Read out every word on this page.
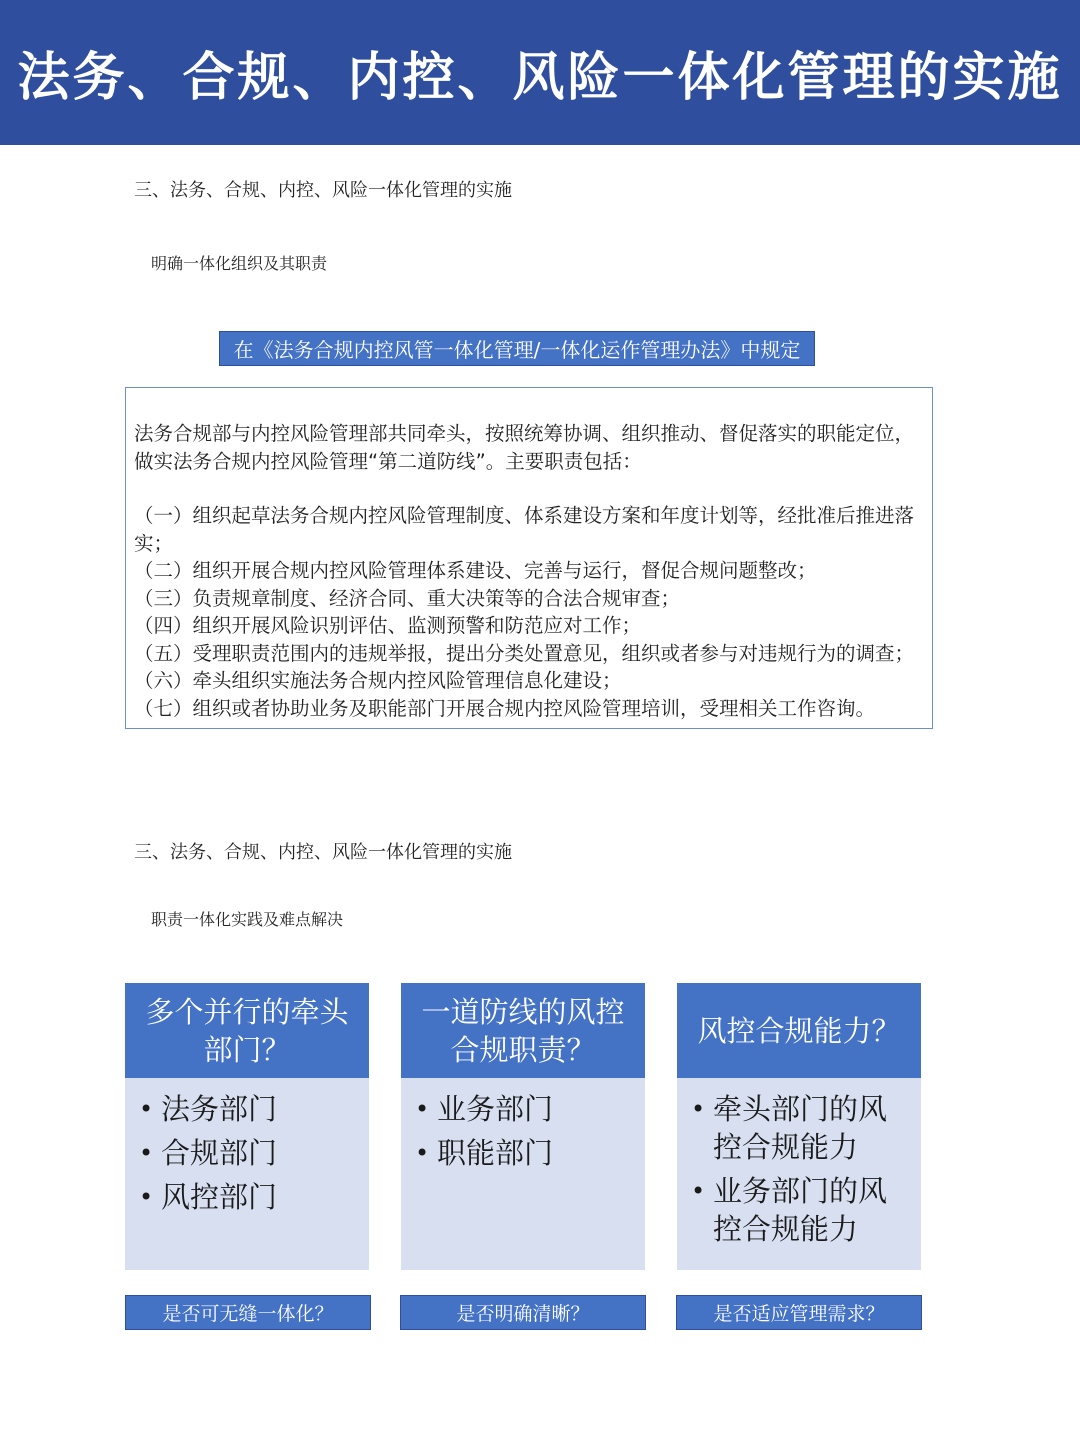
法务、合规、内控、风险一体化管理的实施
三、法务、合规、内控、风险一体化管理的实施
明确一体化组织及其职责
在《法务合规内控风管一体化管理/一体化运作管理办法》中规定

法务合规部与内控风险管理部共同牵头，按照统筹协调、组织推动、督促落实的职能定位，做实法务合规内控风险管理“第二道防线”。主要职责包括：

（一）组织起草法务合规内控风险管理制度、体系建设方案和年度计划等，经批准后推进落实；

（二）组织开展合规内控风险管理体系建设、完善与运行，督促合规问题整改；

（三）负责规章制度、经济合同、重大决策等的合法合规审查；

（四）组织开展风险识别评估、监测预警和防范应对工作；

（五）受理职责范围内的违规举报，提出分类处置意见，组织或者参与对违规行为的调查；

（六）牵头组织实施法务合规内控风险管理信息化建设；

（七）组织或者协助业务及职能部门开展合规内控风险管理培训，受理相关工作咨询。

三、法务、合规、内控、风险一体化管理的实施
职责一体化实践及难点解决
多个并行的牵头部门？
• 法务部门
• 合规部门
• 风控部门
一道防线的风控合规职责？
• 业务部门
• 职能部门
风控合规能力？
• 牵头部门的风控合规能力
• 业务部门的风控合规能力
是否可无缝一体化？	是否明确清晰？	是否适应管理需求？
